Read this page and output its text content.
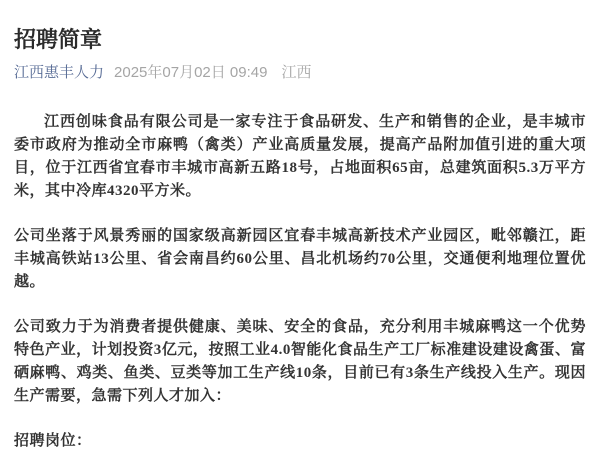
招聘简章
江西惠丰人力 2025年07月02日 09:49 江西

江西创味食品有限公司是一家专注于食品研发、生产和销售的企业，是丰城市委市政府为推动全市麻鸭（禽类）产业高质量发展，提高产品附加值引进的重大项目，位于江西省宜春市丰城市高新五路18号，占地面积65亩，总建筑面积5.3万平方米，其中冷库4320平方米。

公司坐落于风景秀丽的国家级高新园区宜春丰城高新技术产业园区，毗邻赣江，距丰城高铁站13公里、省会南昌约60公里、昌北机场约70公里，交通便利地理位置优越。

公司致力于为消费者提供健康、美味、安全的食品，充分利用丰城麻鸭这一个优势特色产业，计划投资3亿元，按照工业4.0智能化食品生产工厂标准建设建设禽蛋、富硒麻鸭、鸡类、鱼类、豆类等加工生产线10条，目前已有3条生产线投入生产。现因生产需要，急需下列人才加入：

招聘岗位：
